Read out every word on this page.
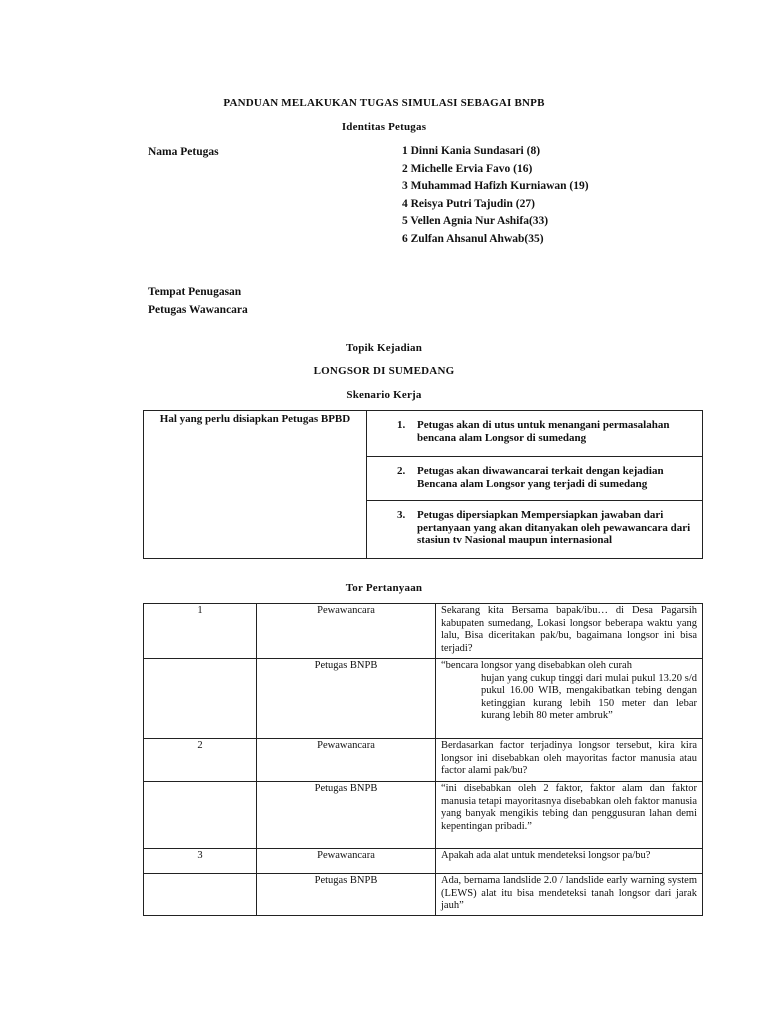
PANDUAN MELAKUKAN TUGAS SIMULASI SEBAGAI BNPB
Identitas Petugas
Nama Petugas	1 Dinni Kania Sundasari (8)
2 Michelle Ervia Favo (16)
3 Muhammad Hafizh Kurniawan (19)
4 Reisya Putri Tajudin (27)
5 Vellen Agnia Nur Ashifa(33)
6 Zulfan Ahsanul Ahwab(35)
Tempat Penugasan
Petugas Wawancara
Topik Kejadian
LONGSOR DI SUMEDANG
Skenario Kerja
Hal yang perlu disiapkan Petugas BPBD	1. Petugas akan di utus untuk menangani permasalahan bencana alam Longsor di sumedang

2. Petugas akan diwawancarai terkait dengan kejadian Bencana alam Longsor yang terjadi di sumedang

3. Petugas dipersiapkan Mempersiapkan jawaban dari pertanyaan yang akan ditanyakan oleh pewawancara dari stasiun tv Nasional maupun internasional
Tor Pertanyaan
1	Pewawancara	Sekarang kita Bersama bapak/ibu… di Desa Pagarsih kabupaten sumedang, Lokasi longsor beberapa waktu yang lalu, Bisa diceritakan pak/bu, bagaimana longsor ini bisa terjadi?
	Petugas BNPB	“bencara longsor yang disebabkan oleh curah
hujan yang cukup tinggi dari mulai pukul 13.20 s/d pukul 16.00 WIB, mengakibatkan tebing dengan ketinggian kurang lebih 150 meter dan lebar kurang lebih 80 meter ambruk”

2	Pewawancara	Berdasarkan factor terjadinya longsor tersebut, kira kira longsor ini disebabkan oleh mayoritas factor manusia atau factor alami pak/bu?
	Petugas BNPB	“ini disebabkan oleh 2 faktor, faktor alam dan faktor manusia tetapi mayoritasnya disebabkan oleh faktor manusia yang banyak mengikis tebing dan penggusuran lahan demi kepentingan pribadi.”
3	Pewawancara	Apakah ada alat untuk mendeteksi longsor pa/bu?
	Petugas BNPB	Ada, bernama landslide 2.0 / landslide early warning system (LEWS) alat itu bisa mendeteksi tanah longsor dari jarak jauh”
